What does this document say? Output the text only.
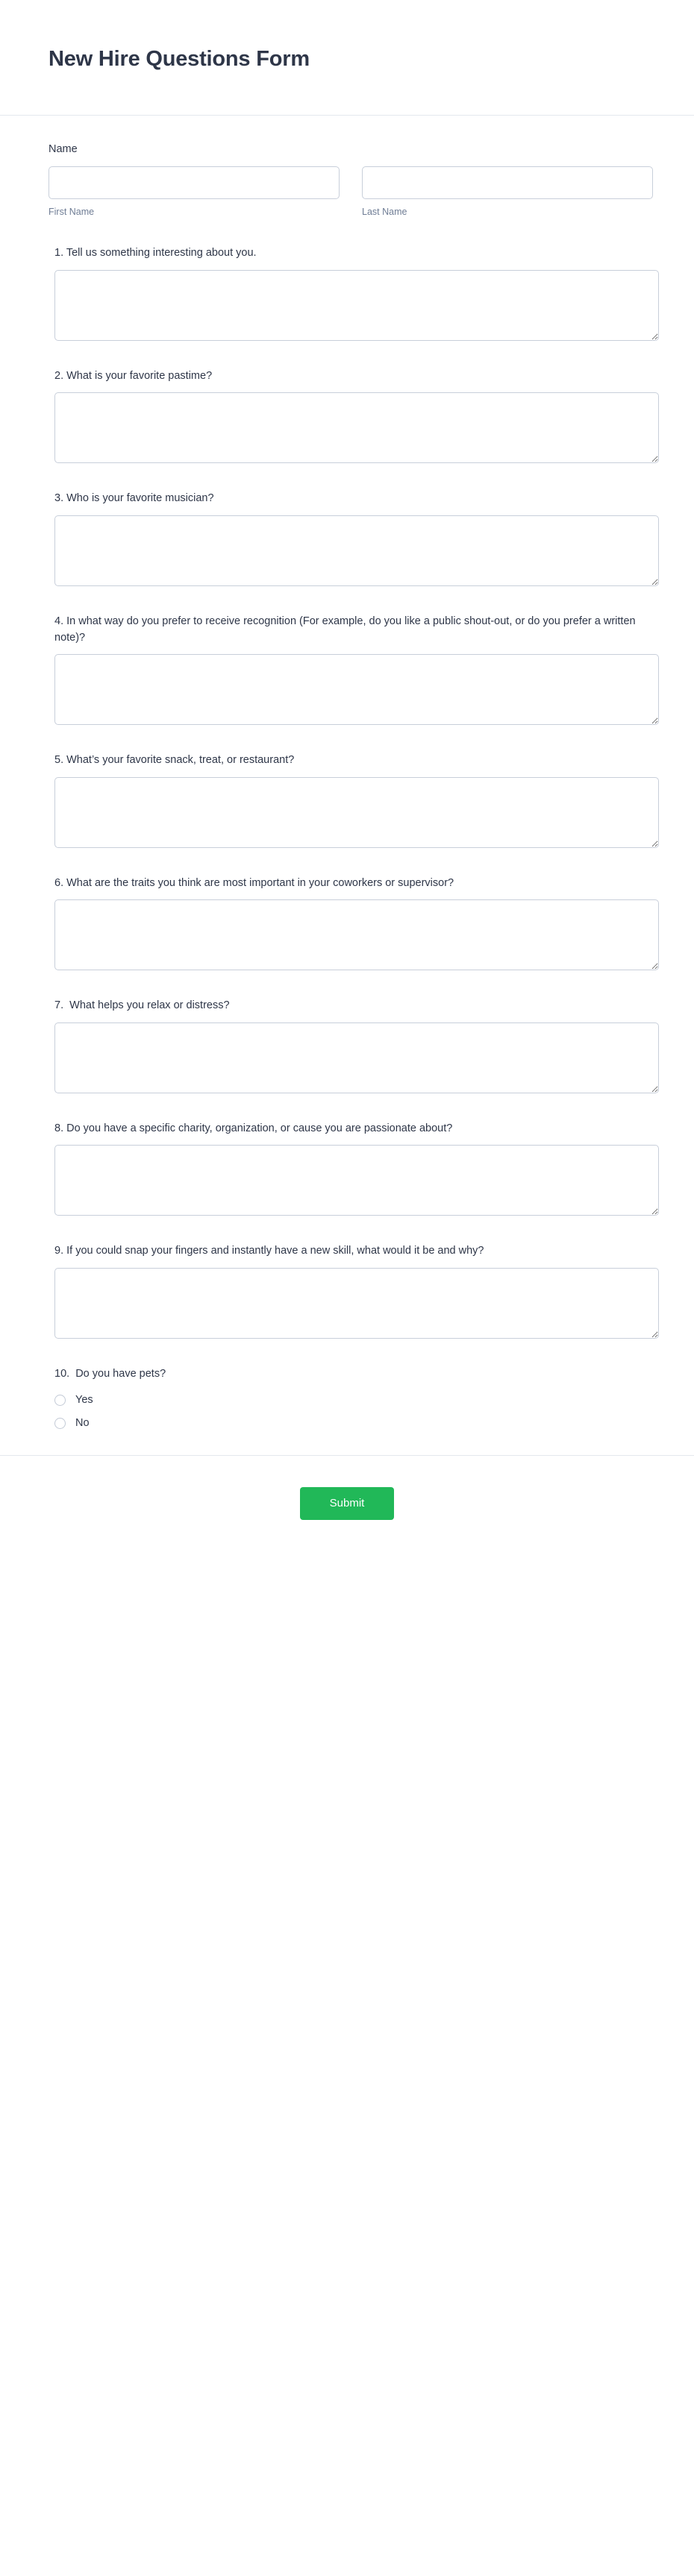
New Hire Questions Form
Name
First Name	Last Name
1. Tell us something interesting about you.
2. What is your favorite pastime?
3. Who is your favorite musician?
4. In what way do you prefer to receive recognition (For example, do you like a public shout-out, or do you prefer a written note)?
5. What’s your favorite snack, treat, or restaurant?
6. What are the traits you think are most important in your coworkers or supervisor?
7.  What helps you relax or distress?
8. Do you have a specific charity, organization, or cause you are passionate about?
9. If you could snap your fingers and instantly have a new skill, what would it be and why?
10.  Do you have pets?
Yes
No
Submit
